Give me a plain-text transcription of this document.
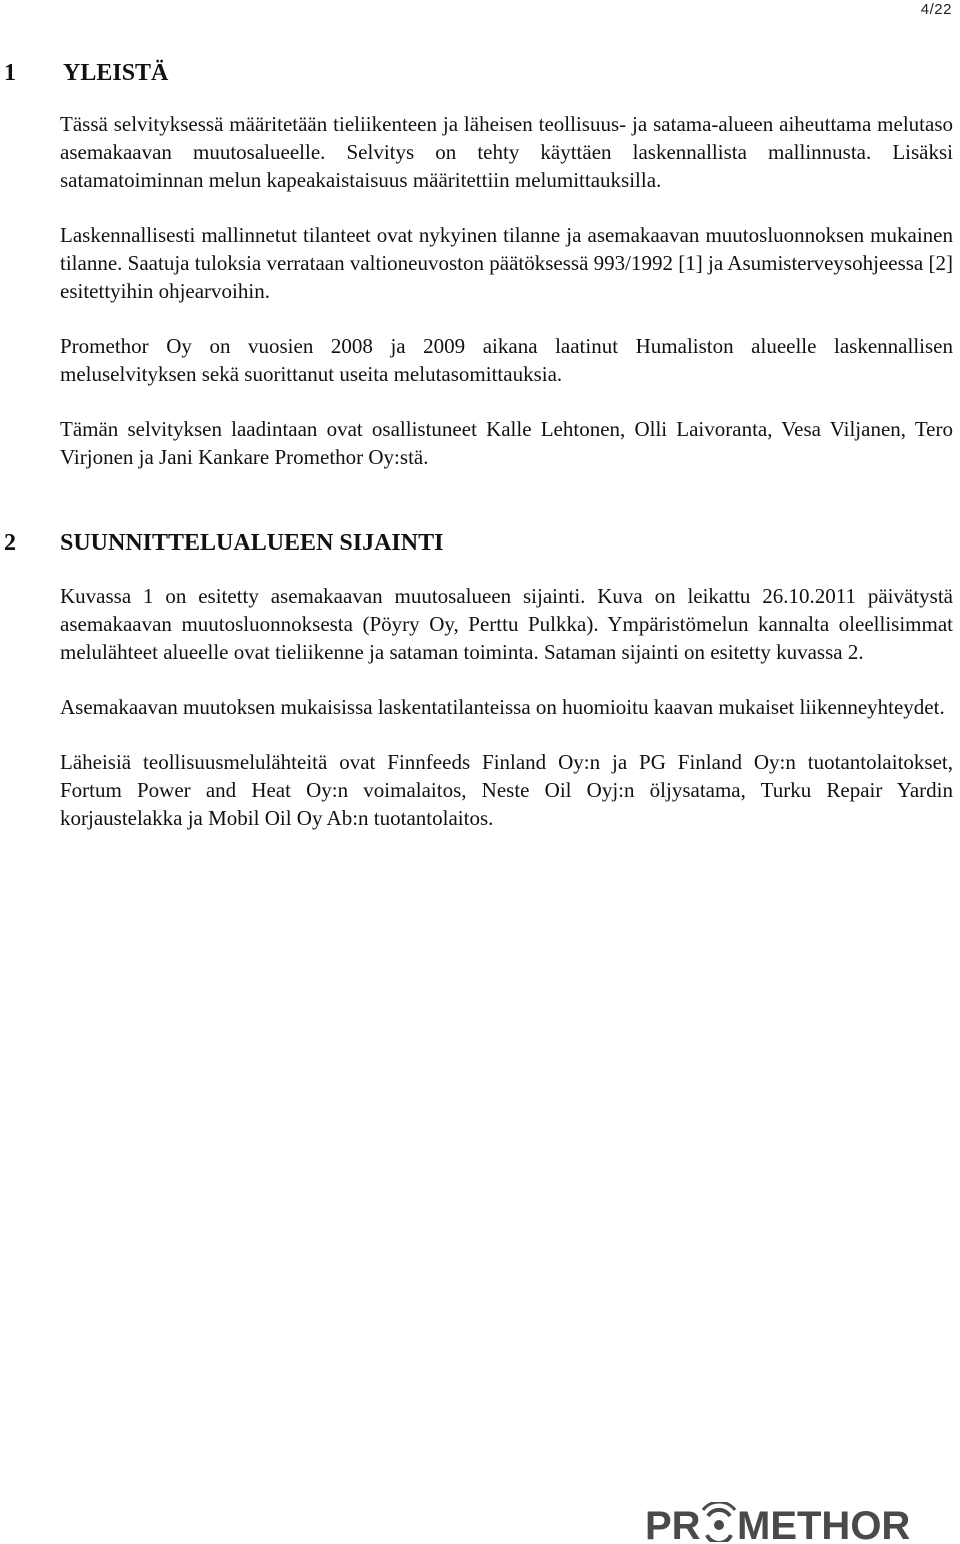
4/22
1 YLEISTÄ

Tässä selvityksessä määritetään tieliikenteen ja läheisen teollisuus- ja satama-alueen aiheuttama melutaso asemakaavan muutosalueelle. Selvitys on tehty käyttäen laskennallista mallinnusta. Lisäksi satamatoiminnan melun kapeakaistaisuus määritettiin melumittauksilla.

Laskennallisesti mallinnetut tilanteet ovat nykyinen tilanne ja asemakaavan muutosluonnoksen mukainen tilanne. Saatuja tuloksia verrataan valtioneuvoston päätöksessä 993/1992 [1] ja Asumisterveysohjeessa [2] esitettyihin ohjearvoihin.

Promethor Oy on vuosien 2008 ja 2009 aikana laatinut Humaliston alueelle laskennallisen meluselvityksen sekä suorittanut useita melutasomittauksia.

Tämän selvityksen laadintaan ovat osallistuneet Kalle Lehtonen, Olli Laivoranta, Vesa Viljanen, Tero Virjonen ja Jani Kankare Promethor Oy:stä.

2 SUUNNITTELUALUEEN SIJAINTI

Kuvassa 1 on esitetty asemakaavan muutosalueen sijainti. Kuva on leikattu 26.10.2011 päivätystä asemakaavan muutosluonnoksesta (Pöyry Oy, Perttu Pulkka). Ympäristömelun kannalta oleellisimmat melulähteet alueelle ovat tieliikenne ja sataman toiminta. Sataman sijainti on esitetty kuvassa 2.

Asemakaavan muutoksen mukaisissa laskentatilanteissa on huomioitu kaavan mukaiset liikenneyhteydet.

Läheisiä teollisuusmelulähteitä ovat Finnfeeds Finland Oy:n ja PG Finland Oy:n tuotantolaitokset, Fortum Power and Heat Oy:n voimalaitos, Neste Oil Oyj:n öljysatama, Turku Repair Yardin korjaustelakka ja Mobil Oil Oy Ab:n tuotantolaitos.

PR METHOR
